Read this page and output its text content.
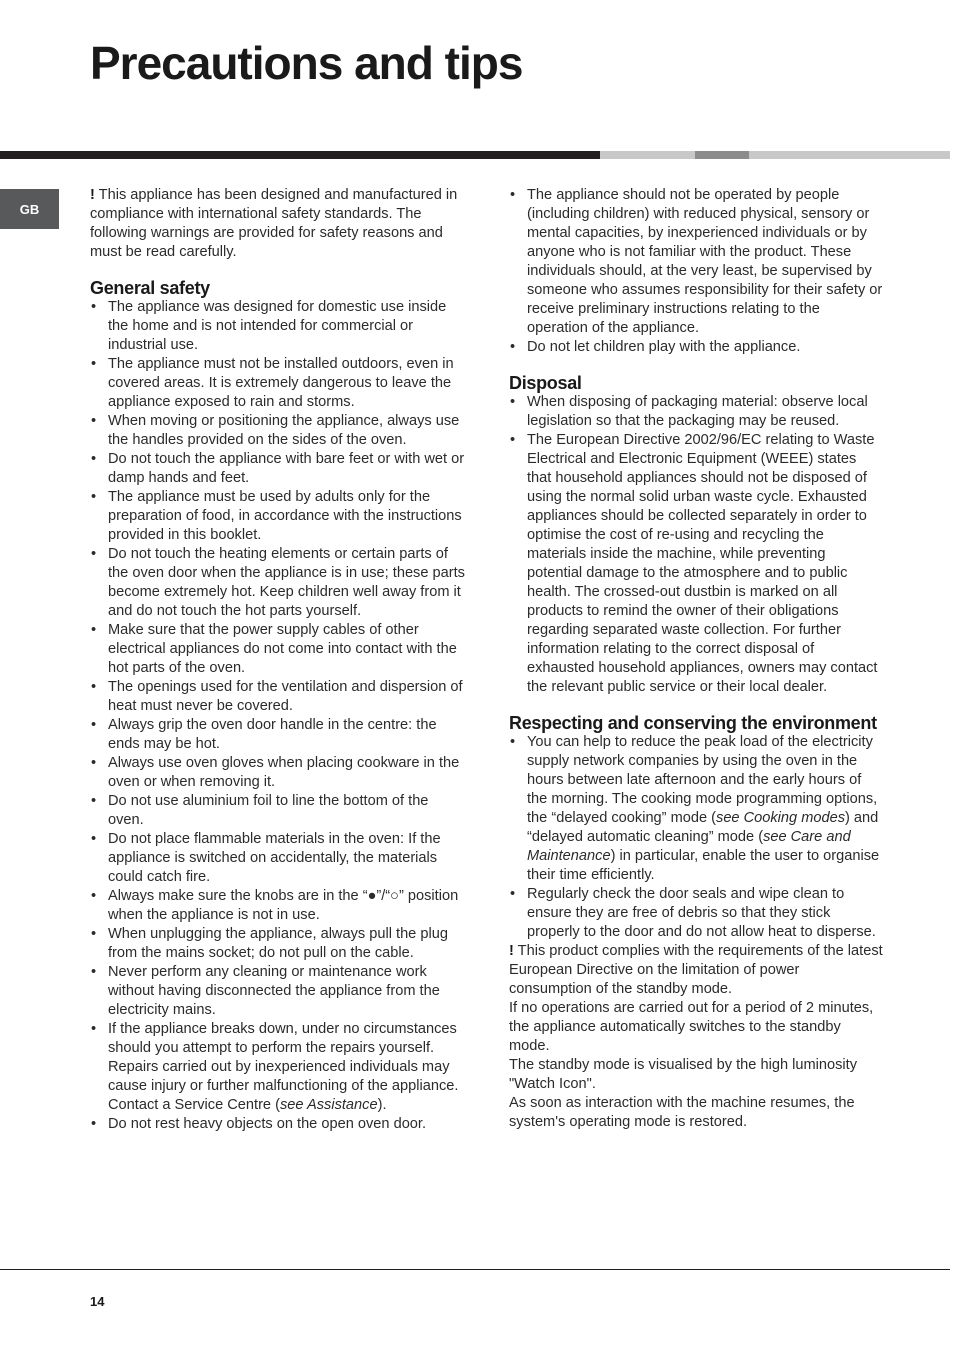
Precautions and tips
GB

! This appliance has been designed and manufactured in compliance with international safety standards. The following warnings are provided for safety reasons and must be read carefully.

General safety
• The appliance was designed for domestic use inside the home and is not intended for commercial or industrial use.
• The appliance must not be installed outdoors, even in covered areas. It is extremely dangerous to leave the appliance exposed to rain and storms.
• When moving or positioning the appliance, always use the handles provided on the sides of the oven.
• Do not touch the appliance with bare feet or with wet or damp hands and feet.
• The appliance must be used by adults only for the preparation of food, in accordance with the instructions provided in this booklet.
• Do not touch the heating elements or certain parts of the oven door when the appliance is in use; these parts become extremely hot. Keep children well away from it and do not touch the hot parts yourself.
• Make sure that the power supply cables of other electrical appliances do not come into contact with the hot parts of the oven.
• The openings used for the ventilation and dispersion of heat must never be covered.
• Always grip the oven door handle in the centre: the ends may be hot.
• Always use oven gloves when placing cookware in the oven or when removing it.
• Do not use aluminium foil to line the bottom of the oven.
• Do not place flammable materials in the oven: If the appliance is switched on accidentally, the materials could catch fire.
• Always make sure the knobs are in the “●”/“○” position when the appliance is not in use.
• When unplugging the appliance, always pull the plug from the mains socket; do not pull on the cable.
• Never perform any cleaning or maintenance work without having disconnected the appliance from the electricity mains.
• If the appliance breaks down, under no circumstances should you attempt to perform the repairs yourself. Repairs carried out by inexperienced individuals may cause injury or further malfunctioning of the appliance. Contact a Service Centre (see Assistance).
• Do not rest heavy objects on the open oven door.
• The appliance should not be operated by people (including children) with reduced physical, sensory or mental capacities, by inexperienced individuals or by anyone who is not familiar with the product. These individuals should, at the very least, be supervised by someone who assumes responsibility for their safety or receive preliminary instructions relating to the operation of the appliance.
• Do not let children play with the appliance.
Disposal
• When disposing of packaging material: observe local legislation so that the packaging may be reused.
• The European Directive 2002/96/EC relating to Waste Electrical and Electronic Equipment (WEEE) states that household appliances should not be disposed of using the normal solid urban waste cycle. Exhausted appliances should be collected separately in order to optimise the cost of re-using and recycling the materials inside the machine, while preventing potential damage to the atmosphere and to public health. The crossed-out dustbin is marked on all products to remind the owner of their obligations regarding separated waste collection. For further information relating to the correct disposal of exhausted household appliances, owners may contact the relevant public service or their local dealer.
Respecting and conserving the environment
• You can help to reduce the peak load of the electricity supply network companies by using the oven in the hours between late afternoon and the early hours of the morning. The cooking mode programming options, the “delayed cooking” mode (see Cooking modes) and “delayed automatic cleaning” mode (see Care and Maintenance) in particular, enable the user to organise their time efficiently.
• Regularly check the door seals and wipe clean to ensure they are free of debris so that they stick properly to the door and do not allow heat to disperse.

! This product complies with the requirements of the latest European Directive on the limitation of power consumption of the standby mode.

If no operations are carried out for a period of 2 minutes, the appliance automatically switches to the standby mode.

The standby mode is visualised by the high luminosity "Watch Icon".

As soon as interaction with the machine resumes, the system's operating mode is restored.

14
